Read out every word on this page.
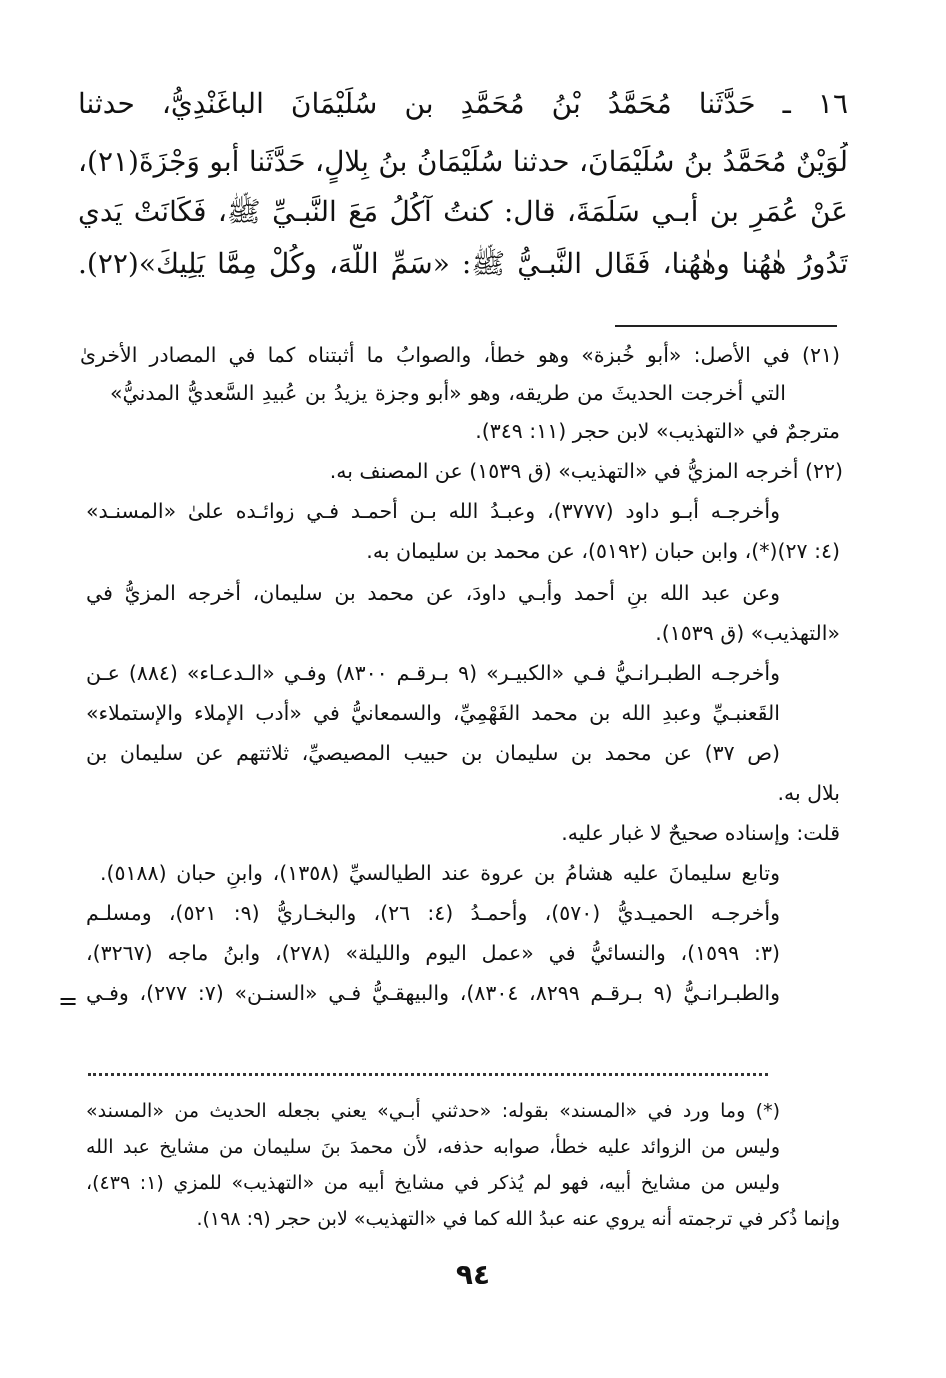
١٦ ـ حَدَّثَنا مُحَمَّدُ بْنُ مُحَمَّدِ بن سُلَيْمَانَ الباغَنْدِيُّ، حدثنا
لُوَيْنٌ مُحَمَّدُ بنُ سُلَيْمَانَ، حدثنا سُلَيْمَانُ بنُ بِلالٍ، حَدَّثَنا أبو وَجْزَةَ(٢١)،
عَنْ عُمَرِ بن أَبـي سَلَمَةَ، قال: كنتُ آكُلُ مَعَ النَّبـيِّ ﷺ، فَكَانَتْ يَدي
تَدُورُ هٰهُنا وهٰهُنا، فَقَال النَّبـيُّ ﷺ: «سَمِّ اللَّهَ، وكُلْ مِمَّا يَلِيكَ»(٢٢).
(٢١) في الأصل: «أبو خُبزة» وهو خطأٌ، والصوابُ ما أثبتناه كما في المصادر الأخرىٰ
التي أخرجت الحديثَ من طريقه، وهو «أبو وجزة يزيدُ بن عُبيدِ السَّعديُّ المدنيُّ»
مترجمٌ في «التهذيب» لابن حجر (١١: ٣٤٩).
(٢٢) أخرجه المزيُّ في «التهذيب» (ق ١٥٣٩) عن المصنف به.
وأخرجـه أبـو داود (٣٧٧٧)، وعبـدُ الله بـن أحمـد فـي زوائـده علىٰ «المسنـد»
(٤: ٢٧)(*)، وابن حبان (٥١٩٢)، عن محمد بن سليمان به.
وعن عبد الله بنِ أحمد وأبـي داودَ، عن محمد بن سليمان، أخرجه المزيُّ في
«التهذيب» (ق ١٥٣٩).
وأخرجـه الطبـرانـيُّ فـي «الكبيـر» (٩ بـرقـم ٨٣٠٠) وفـي «الـدعـاء» (٨٨٤) عـن
القَعنبـيِّ وعبدِ الله بن محمد الفَهْمِيِّ، والسمعانيُّ في «أدب الإملاء والإستملاء»
(ص ٣٧) عن محمد بن سليمان بن حبيب المصيصيِّ، ثلاثتهم عن سليمان بن
بلال به.
قلت: وإسناده صحيحٌ لا غبار عليه.
وتابع سليمانَ عليه هشامُ بن عروة عند الطيالسيِّ (١٣٥٨)، وابنِ حبان (٥١٨٨).
وأخرجـه الحميـديُّ (٥٧٠)، وأحمـدُ (٤: ٢٦)، والبخـاريُّ (٩: ٥٢١)، ومسلـم
(٣: ١٥٩٩)، والنسائيُّ في «عمل اليوم والليلة» (٢٧٨)، وابنُ ماجه (٣٢٦٧)،
والطبـرانـيُّ (٩ بـرقـم ٨٢٩٩، ٨٣٠٤)، والبيهقـيُّ فـي «السنـن» (٧: ٢٧٧)، وفـي
=
(*) وما ورد في «المسند» بقوله: «حدثني أبـي» يعني بجعله الحديث من «المسند»
وليس من الزوائد عليه خطأ، صوابه حذفه، لأن محمدَ بنَ سليمان من مشايخ عبد الله
وليس من مشايخ أبيه، فهو لم يُذكر في مشايخ أبيه من «التهذيب» للمزي (١: ٤٣٩)،
وإنما ذُكر في ترجمته أنه يروي عنه عبدُ الله كما في «التهذيب» لابن حجر (٩: ١٩٨).
٩٤
